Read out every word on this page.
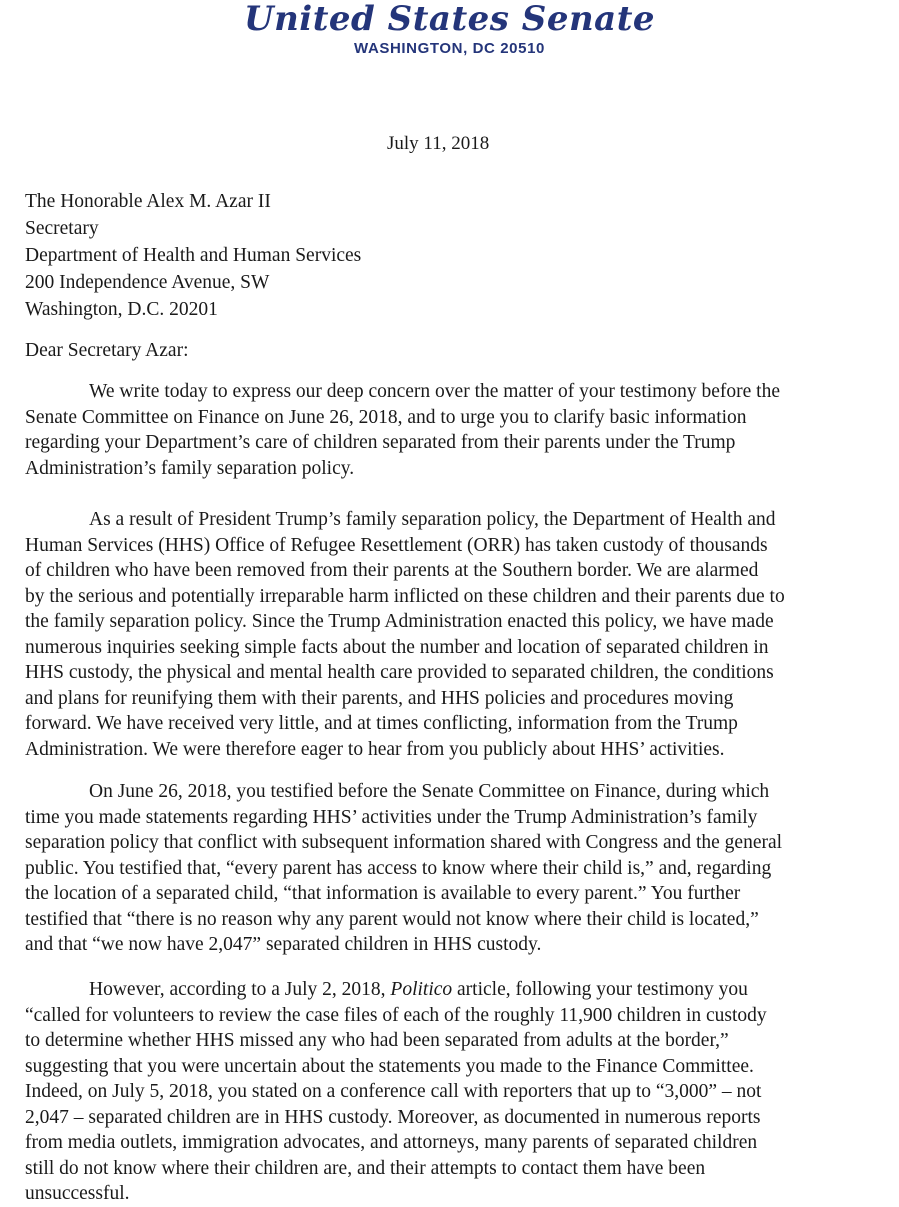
United States Senate
WASHINGTON, DC 20510
July 11, 2018
The Honorable Alex M. Azar II
Secretary
Department of Health and Human Services
200 Independence Avenue, SW
Washington, D.C. 20201
Dear Secretary Azar:
We write today to express our deep concern over the matter of your testimony before the
Senate Committee on Finance on June 26, 2018, and to urge you to clarify basic information
regarding your Department’s care of children separated from their parents under the Trump
Administration’s family separation policy.
As a result of President Trump’s family separation policy, the Department of Health and
Human Services (HHS) Office of Refugee Resettlement (ORR) has taken custody of thousands
of children who have been removed from their parents at the Southern border. We are alarmed
by the serious and potentially irreparable harm inflicted on these children and their parents due to
the family separation policy. Since the Trump Administration enacted this policy, we have made
numerous inquiries seeking simple facts about the number and location of separated children in
HHS custody, the physical and mental health care provided to separated children, the conditions
and plans for reunifying them with their parents, and HHS policies and procedures moving
forward. We have received very little, and at times conflicting, information from the Trump
Administration. We were therefore eager to hear from you publicly about HHS’ activities.
On June 26, 2018, you testified before the Senate Committee on Finance, during which
time you made statements regarding HHS’ activities under the Trump Administration’s family
separation policy that conflict with subsequent information shared with Congress and the general
public. You testified that, “every parent has access to know where their child is,” and, regarding
the location of a separated child, “that information is available to every parent.” You further
testified that “there is no reason why any parent would not know where their child is located,”
and that “we now have 2,047” separated children in HHS custody.
However, according to a July 2, 2018, Politico article, following your testimony you
“called for volunteers to review the case files of each of the roughly 11,900 children in custody
to determine whether HHS missed any who had been separated from adults at the border,”
suggesting that you were uncertain about the statements you made to the Finance Committee.
Indeed, on July 5, 2018, you stated on a conference call with reporters that up to “3,000” – not
2,047 – separated children are in HHS custody. Moreover, as documented in numerous reports
from media outlets, immigration advocates, and attorneys, many parents of separated children
still do not know where their children are, and their attempts to contact them have been
unsuccessful.
